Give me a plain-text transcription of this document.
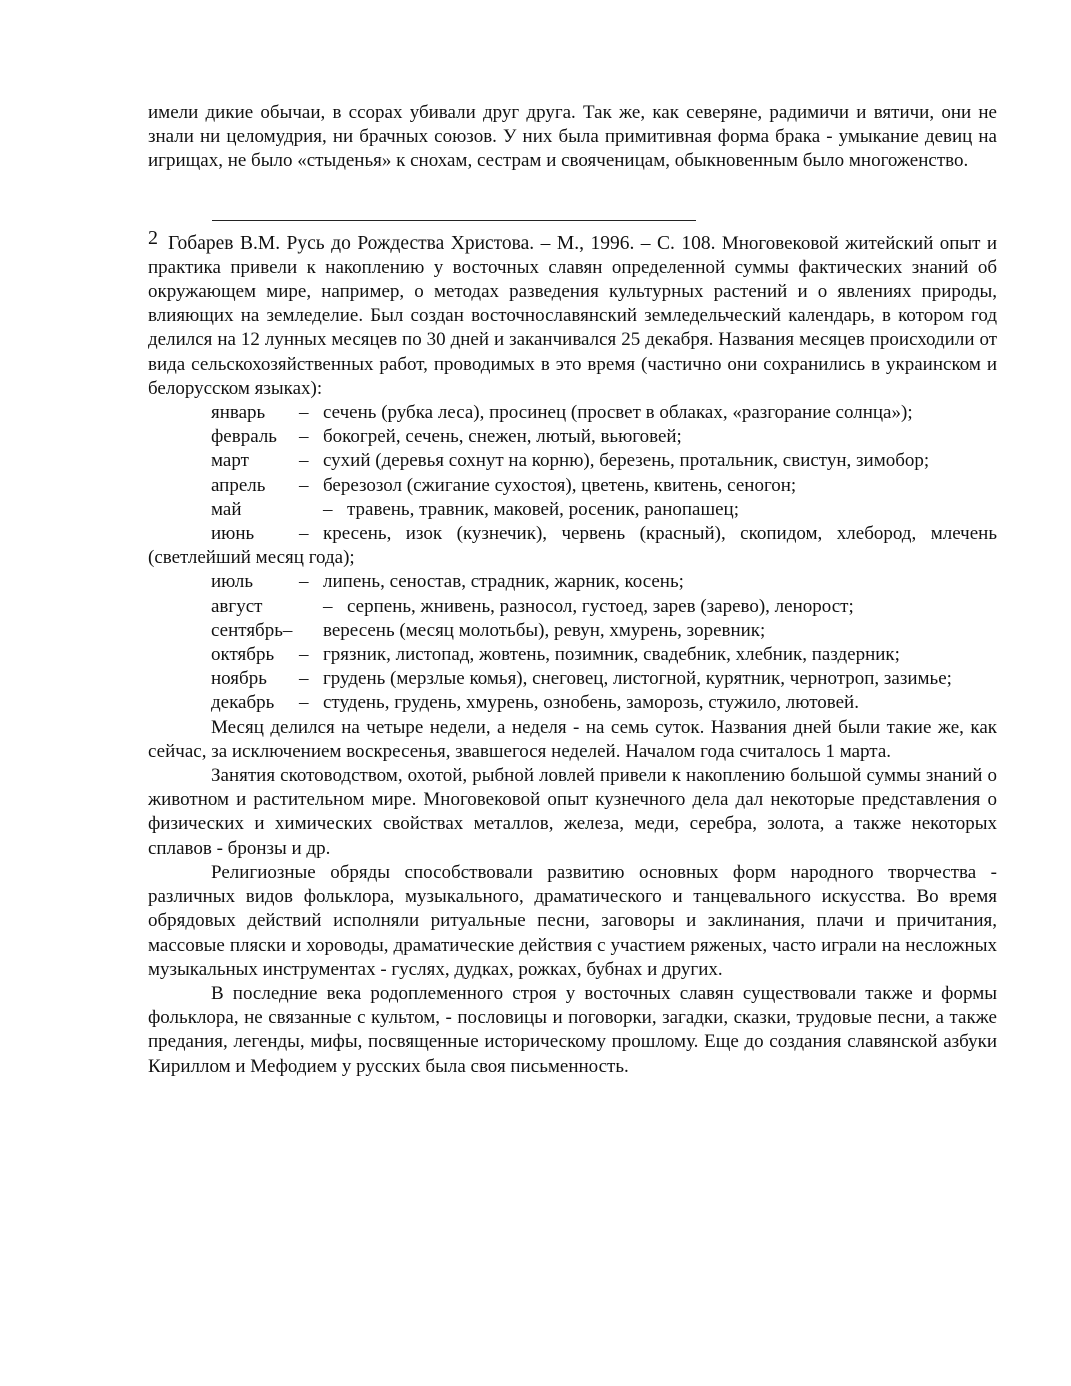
имели дикие обычаи, в ссорах убивали друг друга. Так же, как северяне, радимичи и вятичи, они не знали ни целомудрия, ни брачных союзов. У них была примитивная форма брака - умыкание девиц на игрищах, не было «стыденья» к снохам, сестрам и свояченицам, обыкновенным было многоженство.

2 Гобарев В.М. Русь до Рождества Христова. – М., 1996. – С. 108. Многовековой житейский опыт и практика привели к накоплению у восточных славян определенной суммы фактических знаний об окружающем мире, например, о методах разведения культурных растений и о явлениях природы, влияющих на земледелие. Был создан восточнославянский земледельческий календарь, в котором год делился на 12 лунных месяцев по 30 дней и заканчивался 25 декабря. Названия месяцев происходили от вида сельскохозяйственных работ, проводимых в это время (частично они сохранились в украинском и белорусском языках):

январь	– сечень (рубка леса), просинец (просвет в облаках, «разгорание солнца»);
февраль	– бокогрей, сечень, снежен, лютый, вьюговей;
март	– сухий (деревья сохнут на корню), березень, протальник, свистун, зимобор;
апрель	– березозол (сжигание сухостоя), цветень, квитень, сеногон;
май	– травень, травник, маковей, росеник, ранопашец;
июнь – кресень, изок (кузнечик), червень (красный), скопидом, хлебород, млечень (светлейший месяц года);
июль	– липень, сеностав, страдник, жарник, косень;
август	– серпень, жнивень, разносол, густоед, зарев (зарево), ленорост;
сентябрь–	вересень (месяц молотьбы), ревун, хмурень, зоревник;
октябрь	– грязник, листопад, жовтень, позимник, свадебник, хлебник, паздерник;
ноябрь – грудень (мерзлые комья), снеговец, листогной, курятник, чернотроп, зазимье;
декабрь	– студень, грудень, хмурень, ознобень, заморозь, стужило, лютовей.

Месяц делился на четыре недели, а неделя - на семь суток. Названия дней были такие же, как сейчас, за исключением воскресенья, звавшегося неделей. Началом года считалось 1 марта.

Занятия скотоводством, охотой, рыбной ловлей привели к накоплению большой суммы знаний о животном и растительном мире. Многовековой опыт кузнечного дела дал некоторые представления о физических и химических свойствах металлов, железа, меди, серебра, золота, а также некоторых сплавов - бронзы и др.

Религиозные обряды способствовали развитию основных форм народного творчества - различных видов фольклора, музыкального, драматического и танцевального искусства. Во время обрядовых действий исполняли ритуальные песни, заговоры и заклинания, плачи и причитания, массовые пляски и хороводы, драматические действия с участием ряженых, часто играли на несложных музыкальных инструментах - гуслях, дудках, рожках, бубнах и других.

В последние века родоплеменного строя у восточных славян существовали также и формы фольклора, не связанные с культом, - пословицы и поговорки, загадки, сказки, трудовые песни, а также предания, легенды, мифы, посвященные историческому прошлому. Еще до создания славянской азбуки Кириллом и Мефодием у русских была своя письменность.
